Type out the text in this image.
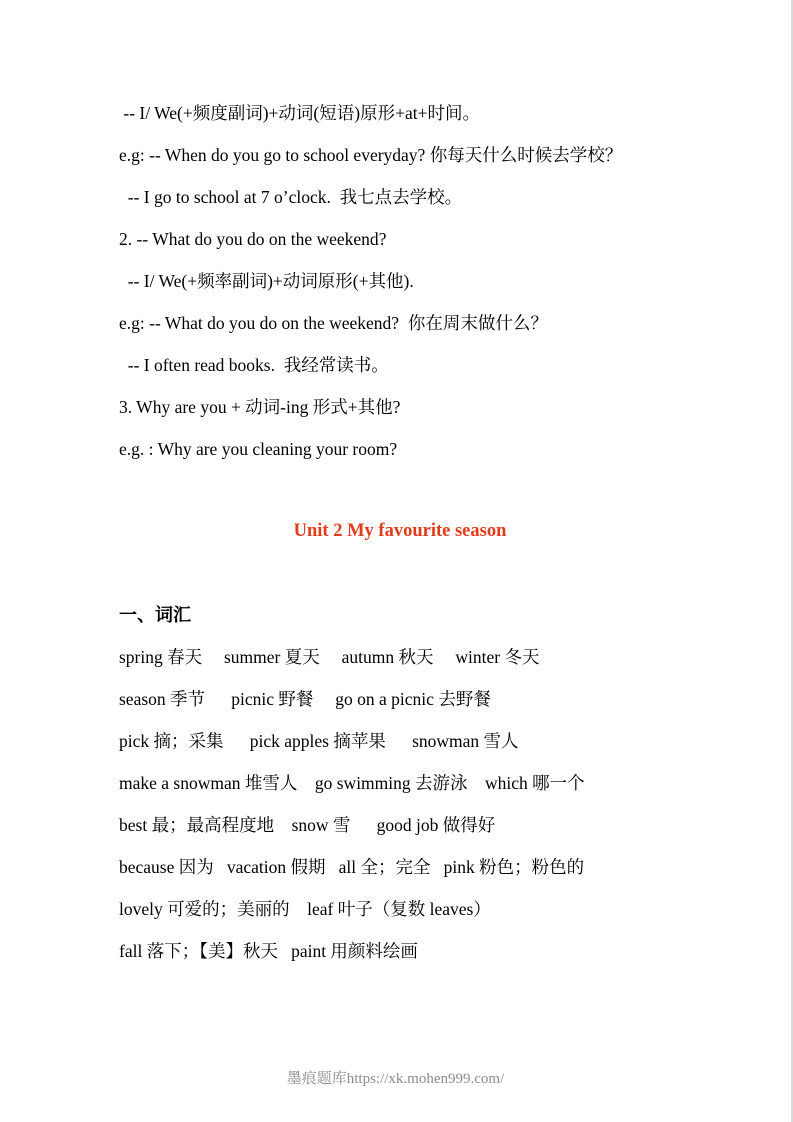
-- I/ We(+频度副词)+动词(短语)原形+at+时间。

e.g: -- When do you go to school everyday? 你每天什么时候去学校？

-- I go to school at 7 o’clock.  我七点去学校。

2. -- What do you do on the weekend?

-- I/ We(+频率副词)+动词原形(+其他).

e.g: -- What do you do on the weekend?  你在周末做什么？

-- I often read books.  我经常读书。

3. Why are you + 动词-ing 形式+其他?

e.g. : Why are you cleaning your room?

Unit 2 My favourite season
一、词汇

spring 春天     summer 夏天     autumn 秋天     winter 冬天

season 季节      picnic 野餐     go on a picnic 去野餐

pick 摘；采集      pick apples 摘苹果      snowman 雪人

make a snowman 堆雪人    go swimming 去游泳    which 哪一个

best 最；最高程度地    snow 雪      good job 做得好

because 因为   vacation 假期   all 全；完全   pink 粉色；粉色的

lovely 可爱的；美丽的    leaf 叶子（复数 leaves）

fall 落下；【美】秋天   paint 用颜料绘画

墨痕题库https://xk.mohen999.com/
